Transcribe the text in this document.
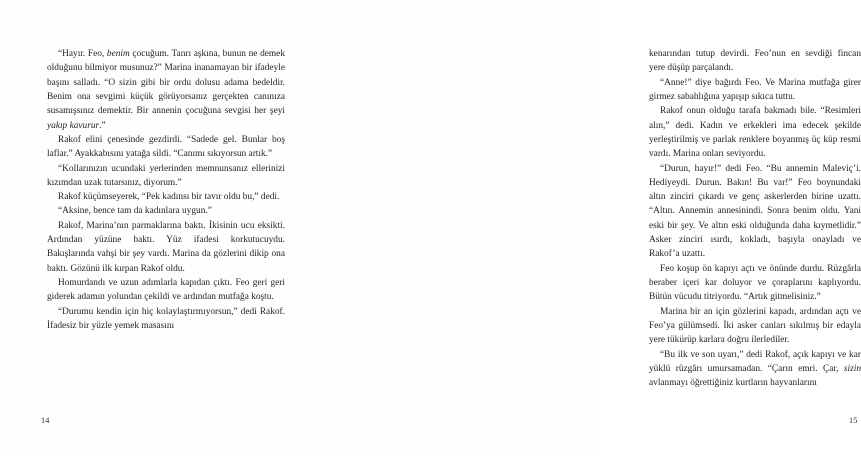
“Hayır. Feo, benim çocuğum. Tanrı aşkına, bunun ne demek olduğunu bilmiyor musunuz?” Marina inanamayan bir ifadeyle başını salladı. “O sizin gibi bir ordu dolusu adama bedeldir. Benim ona sevgimi küçük görüyorsanız gerçekten canınıza susamışsınız demektir. Bir annenin çocuğuna sevgisi her şeyi yakıp kavurur.”

Rakof elini çenesinde gezdirdi. “Sadede gel. Bunlar boş laflar.” Ayakkabısını yatağa sildi. “Canımı sıkıyorsun artık.”

“Kollarınızın ucundaki yerlerinden memnunsanız ellerinizi kızımdan uzak tutarsınız, diyorum.”

Rakof küçümseyerek, “Pek kadınsı bir tavır oldu bu,” dedi.

“Aksine, bence tam da kadınlara uygun.”

Rakof, Marina’nın parmaklarına baktı. İkisinin ucu eksikti. Ardından yüzüne baktı. Yüz ifadesi korkutucuydu. Bakışlarında vahşi bir şey vardı. Marina da gözlerini dikip ona baktı. Gözünü ilk kırpan Rakof oldu.

Homurdandı ve uzun adımlarla kapıdan çıktı. Feo geri geri giderek adamın yolundan çekildi ve ardından mutfağa koştu.

“Durumu kendin için hiç kolaylaştırmıyorsun,” dedi Rakof. İfadesiz bir yüzle yemek masasını

14

kenarından tutup devirdi. Feo’nun en sevdiği fincan yere düşüp parçalandı.

“Anne!” diye bağırdı Feo. Ve Marina mutfağa girer girmez sabahlığına yapışıp sıkıca tuttu.

Rakof onun olduğu tarafa bakmadı bile. “Resimleri alın,” dedi. Kadın ve erkekleri ima edecek şekilde yerleştirilmiş ve parlak renklere boyanmış üç küp resmi vardı. Marina onları seviyordu.

“Durun, hayır!” dedi Feo. “Bu annemin Maleviç’i. Hediyeydi. Durun. Bakın! Bu var!” Feo boynundaki altın zinciri çıkardı ve genç askerlerden birine uzattı. “Altın. Annemin annesinindi. Sonra benim oldu. Yani eski bir şey. Ve altın eski olduğunda daha kıymetlidir.” Asker zinciri ısırdı, kokladı, başıyla onayladı ve Rakof’a uzattı.

Feo koşup ön kapıyı açtı ve önünde durdu. Rüzgârla beraber içeri kar doluyor ve çoraplarını kaplıyordu. Bütün vücudu titriyordu. “Artık gitmelisiniz.”

Marina bir an için gözlerini kapadı, ardından açtı ve Feo’ya gülümsedi. İki asker canları sıkılmış bir edayla yere tükürüp karlara doğru ilerlediler.

“Bu ilk ve son uyarı,” dedi Rakof, açık kapıyı ve kar yüklü rüzgârı umursamadan. “Çarın emri. Çar, sizin avlanmayı öğrettiğiniz kurtların hayvanlarını

15
